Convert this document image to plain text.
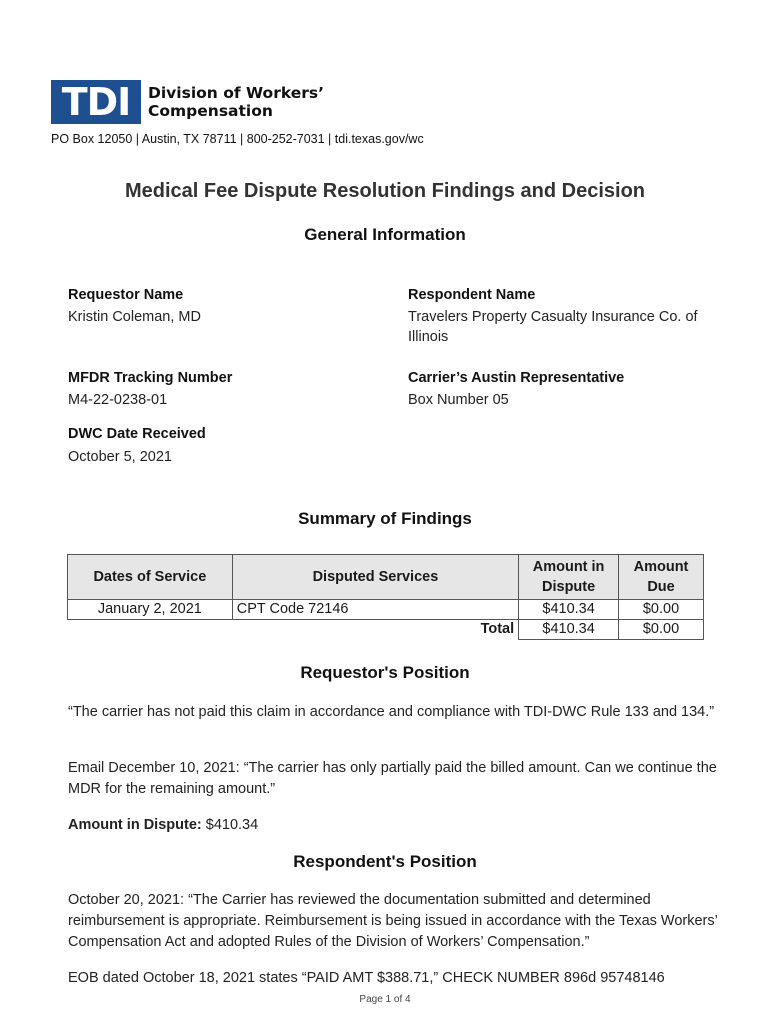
TDI	Division of Workers’
Compensation
PO Box 12050 | Austin, TX 78711 | 800-252-7031 | tdi.texas.gov/wc
Medical Fee Dispute Resolution Findings and Decision
General Information
Requestor Name
Kristin Coleman, MD
Respondent Name
Travelers Property Casualty Insurance Co. of Illinois
MFDR Tracking Number
M4-22-0238-01
Carrier’s Austin Representative
Box Number 05
DWC Date Received
October 5, 2021
Summary of Findings
Dates of Service	Disputed Services	Amount in Dispute	Amount Due
January 2, 2021	CPT Code 72146	$410.34	$0.00
Total		$410.34	$0.00
Requestor's Position
“The carrier has not paid this claim in accordance and compliance with TDI-DWC Rule 133 and 134.”
Email December 10, 2021: “The carrier has only partially paid the billed amount. Can we continue the MDR for the remaining amount.”
Amount in Dispute: $410.34
Respondent's Position
October 20, 2021: “The Carrier has reviewed the documentation submitted and determined reimbursement is appropriate. Reimbursement is being issued in accordance with the Texas Workers’ Compensation Act and adopted Rules of the Division of Workers’ Compensation.”
EOB dated October 18, 2021 states “PAID AMT $388.71,” CHECK NUMBER 896d 95748146
Page 1 of 4
